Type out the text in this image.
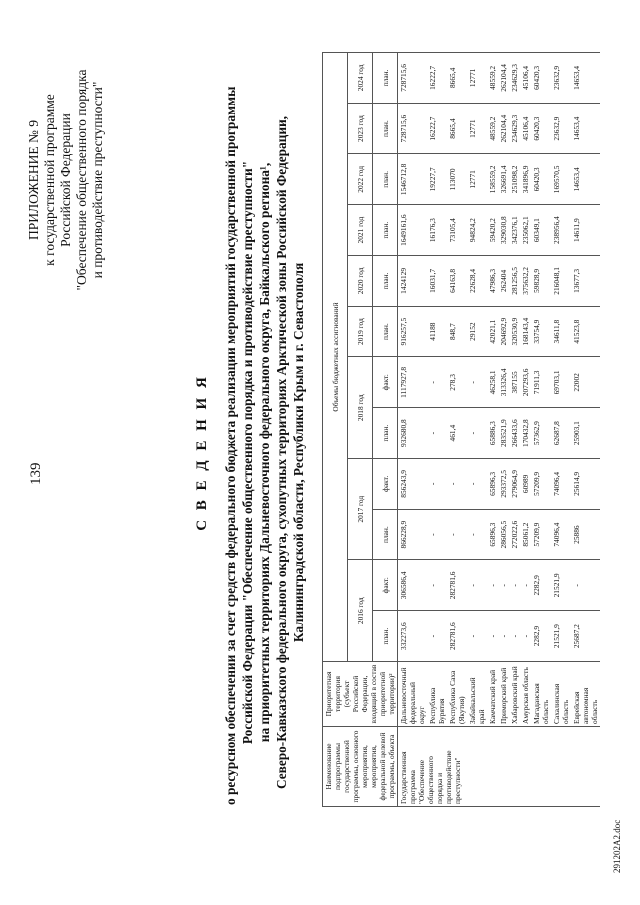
139
ПРИЛОЖЕНИЕ № 9 к государственной программе Российской Федерации "Обеспечение общественного порядка и противодействие преступности"
С В Е Д Е Н И Я о ресурсном обеспечении за счет средств федерального бюджета реализации мероприятий государственной программы Российской Федерации "Обеспечение общественного порядка и противодействие преступности" на приоритетных территориях Дальневосточного федерального округа, Байкальского региона¹, Северо-Кавказского федерального округа, сухопутных территориях Арктической зоны Российской Федерации, Калининградской области, Республики Крым и г. Севастополя
Наименование подпрограммы государственной программы, основного мероприятия, мероприятия, федеральной целевой программы, объекта	Приоритетная территория (субъект Российской Федерации, входящий в состав приоритетной территории)²	Объемы бюджетных ассигнований											
		2016 год		2017 год		2018 год		2019 год	2020 год	2021 год	2022 год	2023 год	2024 год
		план.	факт.	план.	факт.	план.	факт.	план.	план.	план.	план.	план.	план.
Государственная программа "Обеспечение общественного порядка и противодействие преступности"	Дальневосточный федеральный округ	332273,6	306586,4	866228,9	856243,9	932680,8	1117927,8	916257,5	1424129	1649161,6	1546712,8	728715,6	728715,6
	Республика Бурятия	-	-	-	-	-	-	41188	16031,7	16176,3	19227,7	16222,7	16222,7
	Республика Саха (Якутия)	282781,6	282781,6	-	-	461,4	278,3	848,7	64163,8	73105,4	113070	8665,4	8665,4
	Забайкальский край	-	-	-	-	-	-	29152	22628,4	94824,2	12771	12771	12771
	Камчатский край	-	-	65896,3	65896,3	65886,3	46258,1	42021,1	47986,3	59420,2	158559,2	48559,2	48559,2
	Приморский край	-	-	286056,5	293372,5	283521,9	313326,4	204692,9	262404	329030,8	326691,4	262104,4	262104,4
	Хабаровский край	-	-	272022,6	279064,9	266433,6	387155	320530,9	281256,5	342376,1	251098,2	234629,3	234629,3
	Амурская область	-	-	85061,2	60989	170432,8	207293,6	168143,4	375632,2	235062,1	341896,9	45106,4	45106,4
	Магаданская область	2282,9	2282,9	57209,9	57209,9	57362,9	71911,3	33754,9	59828,9	60349,1	60420,3	60420,3	60420,3
	Сахалинская область	21521,9	21521,9	74096,4	74096,4	62687,8	69703,1	34611,8	216048,1	238956,4	169570,5	23632,9	23632,9
	Еврейская автономная область	25687,2	-	25886	25614,9	25903,1	22002	41523,8	13677,3	14611,9	14653,4	14653,4	14653,4
291202А2.doc
